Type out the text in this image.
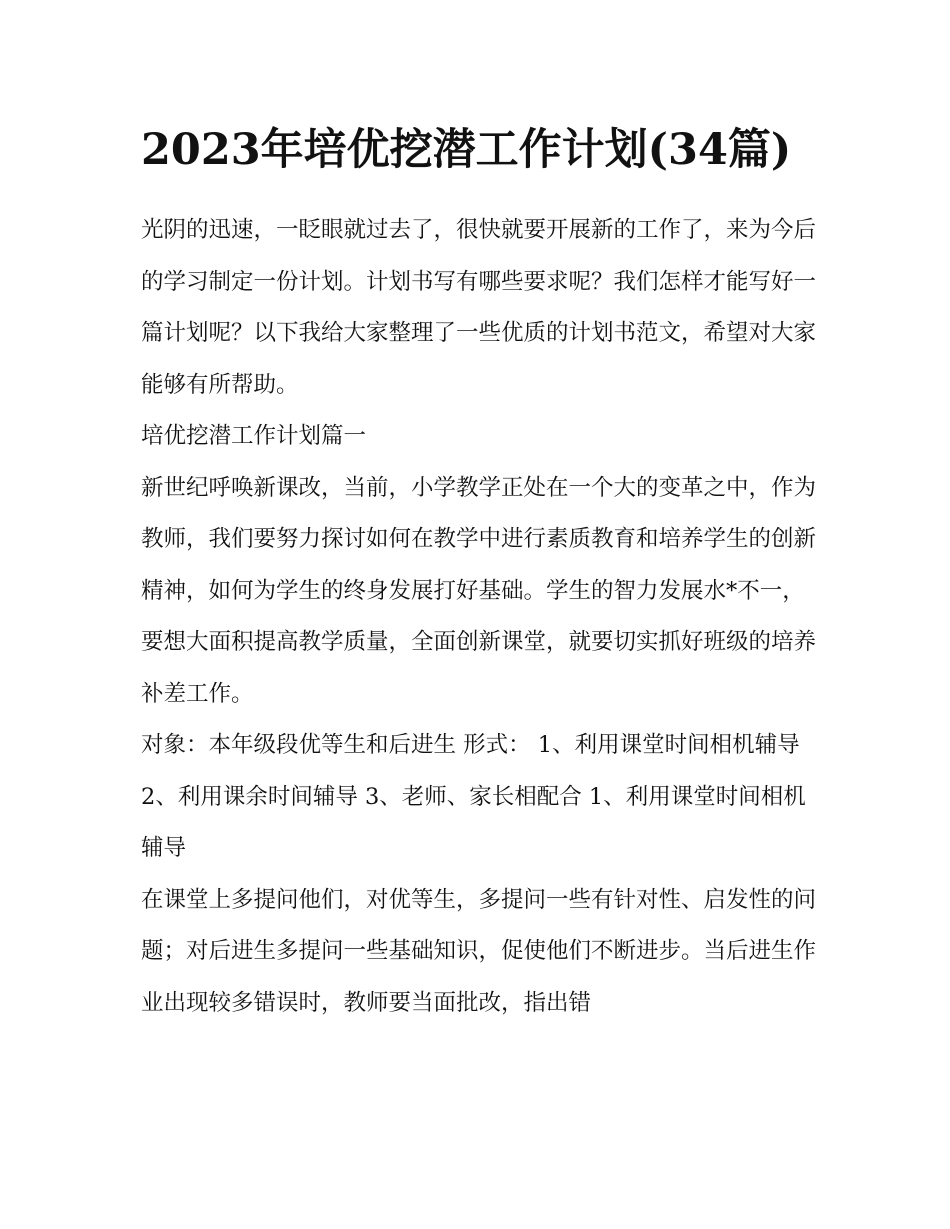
2023年培优挖潜工作计划(34篇)

光阴的迅速，一眨眼就过去了，很快就要开展新的工作了，来为今后的学习制定一份计划。计划书写有哪些要求呢？我们怎样才能写好一篇计划呢？以下我给大家整理了一些优质的计划书范文，希望对大家能够有所帮助。

培优挖潜工作计划篇一

新世纪呼唤新课改，当前，小学教学正处在一个大的变革之中，作为教师，我们要努力探讨如何在教学中进行素质教育和培养学生的创新精神，如何为学生的终身发展打好基础。学生的智力发展水*不一，要想大面积提高教学质量，全面创新课堂，就要切实抓好班级的培养补差工作。

对象：本年级段优等生和后进生 形式： 1、利用课堂时间相机辅导 2、利用课余时间辅导 3、老师、家长相配合 1、利用课堂时间相机辅导

在课堂上多提问他们，对优等生，多提问一些有针对性、启发性的问题；对后进生多提问一些基础知识，促使他们不断进步。当后进生作业出现较多错误时，教师要当面批改，指出错
